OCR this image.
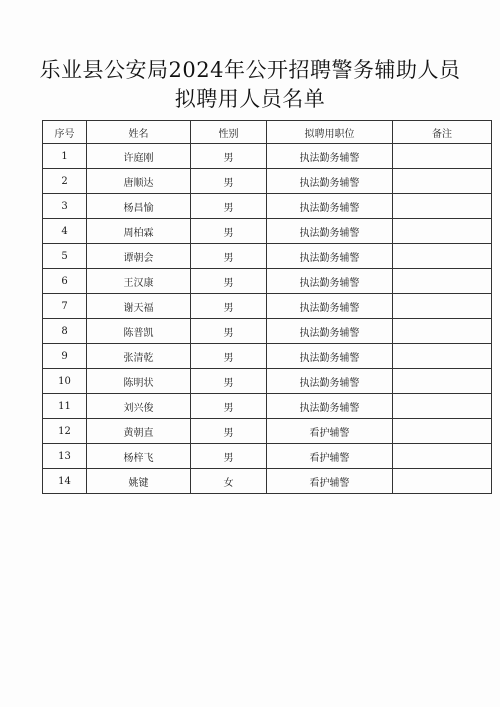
乐业县公安局2024年公开招聘警务辅助人员
拟聘用人员名单
序号	姓名	性别	拟聘用职位	备注
1	许庭刚	男	执法勤务辅警	
2	唐顺达	男	执法勤务辅警	
3	杨昌愉	男	执法勤务辅警	
4	周柏霖	男	执法勤务辅警	
5	谭朝会	男	执法勤务辅警	
6	王汉康	男	执法勤务辅警	
7	谢天福	男	执法勤务辅警	
8	陈普凯	男	执法勤务辅警	
9	张清乾	男	执法勤务辅警	
10	陈明状	男	执法勤务辅警	
11	刘兴俊	男	执法勤务辅警	
12	黄朝直	男	看护辅警	
13	杨梓飞	男	看护辅警	
14	姚键	女	看护辅警	
